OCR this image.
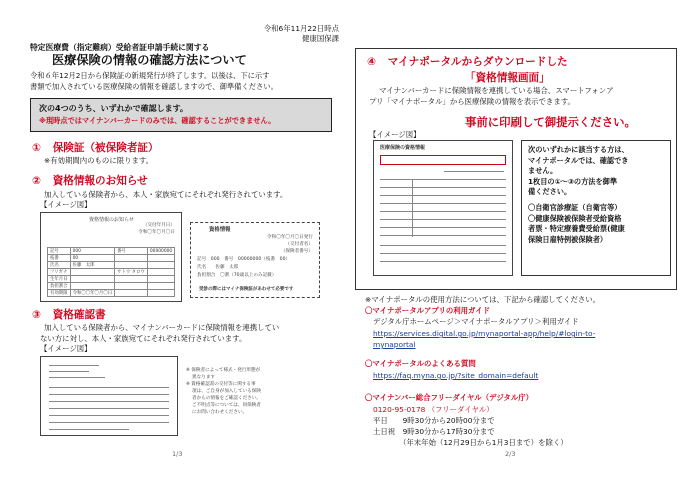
令和6年11月22日時点
健康国保課
特定医療費（指定難病）受給者証申請手続に関する
医療保険の情報の確認方法について
令和６年12月2日から保険証の新規発行が終了します。以後は、下に示す
書類で加入されている医療保険の情報を確認しますので、御準備ください。
次の4つのうち、いずれかで確認します。
※現時点ではマイナンバーカードのみでは、確認することができません。
① 保険証（被保険者証）
※有効期間内のものに限ります。
② 資格情報のお知らせ
加入している保険者から、本人・家族宛てにそれぞれ発行されています。
【イメージ図】
資格情報のお知らせ
（交付年月日）
令和〇年〇月〇日
記号	000	番号	00000000
枝番	00		
氏名	佐藤　太郎		
フリガナ		サトウ タロウ	
生年月日			
負担割合			
有効期限	令和〇〇年〇月〇日		
資格情報
令和〇年〇月〇日発行
（交付者名）
（保険者番号）
記号　000　番号　00000000（枝番　00）
氏名　　佐藤　太郎
負担割合　〇割（70歳以上のみ記載）
受診の際にはマイナ保険証があわせて必要です
③ 資格確認書
加入している保険者から、マイナンバーカードに保険情報を連携してい
ない方に対し、本人・家族宛てにそれぞれ発行されています。
【イメージ図】
※ 保険者によって様式・発行形態が
　 異なります
※ 資格確認書の交付等に関する事
　 項は、ご自身が加入している保険
　 者からの情報をご確認ください。
　 ご不明点等については、同保険者
　 にお問い合わせください。
1/3
④ マイナポータルからダウンロードした
「資格情報画面」
マイナンバーカードに保険情報を連携している場合、スマートフォンア
プリ「マイナポータル」から医療保険の情報を表示できます。
事前に印刷して御提示ください。
【イメージ図】
医療保険の資格情報	次のいずれかに該当する方は、
マイナポータルでは、確認でき
ません。
1枚目の①～③の方法を御準
備ください。
〇自衛官診療証（自衛官等）
〇健康保険被保険者受給資格
者票・特定療養費受給票(健康
保険日雇特例被保険者）
※マイナポータルの使用方法については、下記から確認してください。
〇マイナポータルアプリの利用ガイド
デジタル庁ホームページ＞マイナポータルアプリ＞利用ガイド
https://services.digital.go.jp/mynaportal-app/help/#login-to-
mynaportal
〇マイナポータルのよくある質問
https://faq.myna.go.jp/?site_domain=default
〇マイナンバー総合フリーダイヤル（デジタル庁）
0120-95-0178 （フリーダイヤル）
平日　　9時30分から20時00分まで
土日祝　9時30分から17時30分まで
（年末年始（12月29日から1月3日まで）を除く）
2/3
